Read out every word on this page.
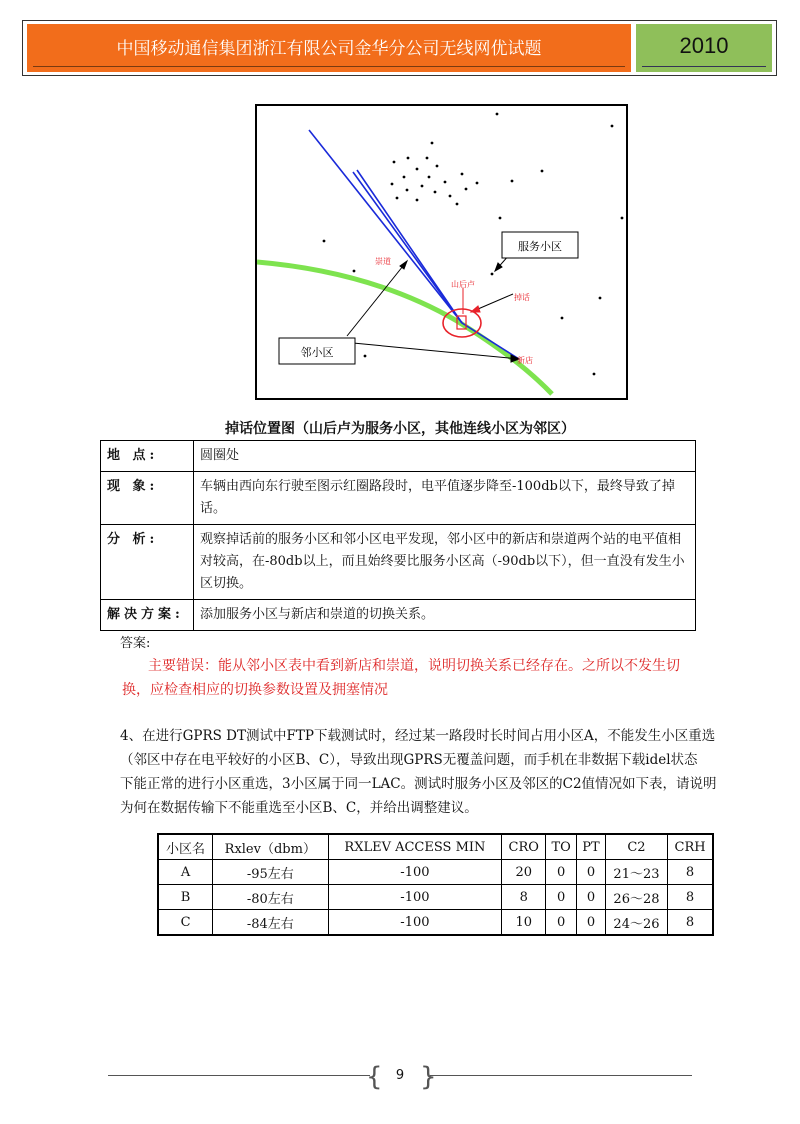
中国移动通信集团浙江有限公司金华分公司无线网优试题	2010
服务小区
邻小区
崇道
山后卢
掉话
新店
掉话位置图（山后卢为服务小区，其他连线小区为邻区）
地 点:	圆圈处
现 象:	车辆由西向东行驶至图示红圈路段时，电平值逐步降至-100db以下，最终导致了掉话。
分 析:	观察掉话前的服务小区和邻小区电平发现，邻小区中的新店和崇道两个站的电平值相对较高，在-80db以上，而且始终要比服务小区高（-90db以下），但一直没有发生小区切换。
解决方案:	添加服务小区与新店和崇道的切换关系。
答案:
主要错误：能从邻小区表中看到新店和崇道，说明切换关系已经存在。之所以不发生切换，应检查相应的切换参数设置及拥塞情况
4、在进行GPRS DT测试中FTP下载测试时，经过某一路段时长时间占用小区A，不能发生小区重选（邻区中存在电平较好的小区B、C），导致出现GPRS无覆盖问题，而手机在非数据下载idel状态　下能正常的进行小区重选，3小区属于同一LAC。测试时服务小区及邻区的C2值情况如下表，请说明为何在数据传输下不能重选至小区B、C，并给出调整建议。
小区名	Rxlev（dbm）	RXLEV ACCESS MIN	CRO	TO	PT	C2	CRH
A	-95左右	-100	20	0	0	21～23	8
B	-80左右	-100	8	0	0	26～28	8
C	-84左右	-100	10	0	0	24～26	8
{ }
9
